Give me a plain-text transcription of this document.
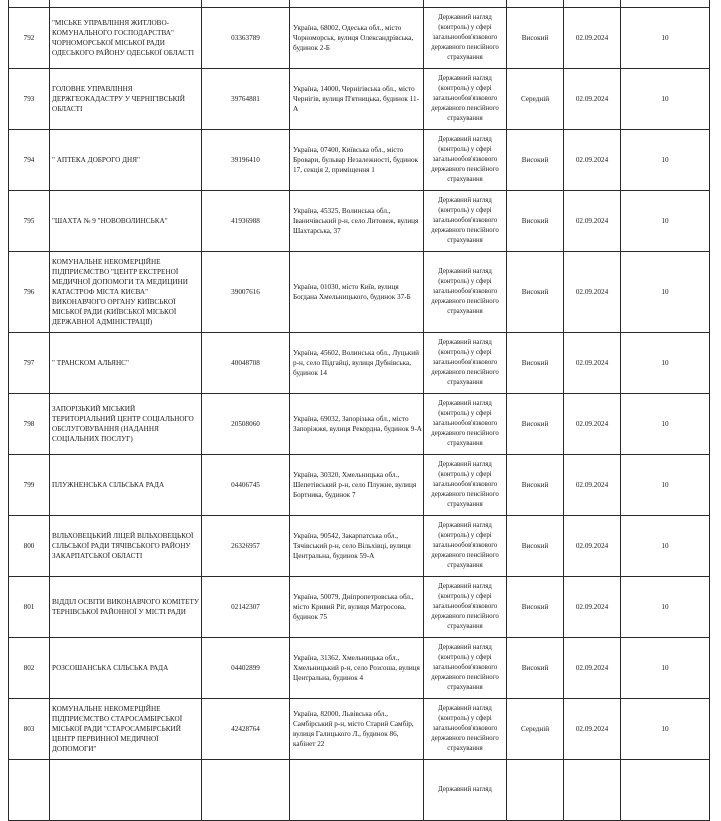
792	"МІСЬКЕ УПРАВЛІННЯ ЖИТЛОВО-КОМУНАЛЬНОГО ГОСПОДАРСТВА" ЧОРНОМОРСЬКОЇ МІСЬКОЇ РАДИ ОДЕСЬКОГО РАЙОНУ ОДЕСЬКОЇ ОБЛАСТІ	03363789	Україна, 68002, Одеська обл., місто Чорноморськ, вулиця Олександрівська, будинок 2-Б	Державний нагляд (контроль) у сфері загальнообов'язкового державного пенсійного страхування	Високий	02.09.2024	10
793	ГОЛОВНЕ УПРАВЛІННЯ ДЕРЖГЕОКАДАСТРУ У ЧЕРНІГІВСЬКІЙ ОБЛАСТІ	39764881	Україна, 14000, Чернігівська обл., місто Чернігів, вулиця П'ятницька, будинок 11-А	Державний нагляд (контроль) у сфері загальнообов'язкового державного пенсійного страхування	Середній	02.09.2024	10
794	" АПТЕКА ДОБРОГО ДНЯ"	39196410	Україна, 07400, Київська обл., місто Бровари, бульвар Незалежності, будинок 17, секція 2, приміщення 1	Державний нагляд (контроль) у сфері загальнообов'язкового державного пенсійного страхування	Високий	02.09.2024	10
795	"ШАХТА № 9 "НОВОВОЛИНСЬКА"	41936988	Україна, 45325, Волинська обл., Іваничівський р-н, село Литовеж, вулиця Шахтарська, 37	Державний нагляд (контроль) у сфері загальнообов'язкового державного пенсійного страхування	Високий	02.09.2024	10
796	КОМУНАЛЬНЕ НЕКОМЕРЦІЙНЕ ПІДПРИЄМСТВО "ЦЕНТР ЕКСТРЕНОЇ МЕДИЧНОЇ ДОПОМОГИ ТА МЕДИЦИНИ КАТАСТРОФ МІСТА КИЄВА" ВИКОНАВЧОГО ОРГАНУ КИЇВСЬКОЇ МІСЬКОЇ РАДИ (КИЇВСЬКОЇ МІСЬКОЇ ДЕРЖАВНОЇ АДМІНІСТРАЦІЇ)	39007616	Україна, 01030, місто Київ, вулиця Богдана Хмельницького, будинок 37-Б	Державний нагляд (контроль) у сфері загальнообов'язкового державного пенсійного страхування	Високий	02.09.2024	10
797	" ТРАНСКОМ АЛЬЯНС"	40048708	Україна, 45602, Волинська обл., Луцький р-н, село Підгайці, вулиця Дубнівська, будинок 14	Державний нагляд (контроль) у сфері загальнообов'язкового державного пенсійного страхування	Високий	02.09.2024	10
798	ЗАПОРІЗЬКИЙ МІСЬКИЙ ТЕРИТОРІАЛЬНИЙ ЦЕНТР СОЦІАЛЬНОГО ОБСЛУГОВУВАННЯ (НАДАННЯ СОЦІАЛЬНИХ ПОСЛУГ)	20508060	Україна, 69032, Запорізька обл., місто Запоріжжя, вулиця Рекордна, будинок 9-А	Державний нагляд (контроль) у сфері загальнообов'язкового державного пенсійного страхування	Високий	02.09.2024	10
799	ПЛУЖНЕНСЬКА СІЛЬСЬКА РАДА	04406745	Україна, 30320, Хмельницька обл., Шепетівський р-н, село Плужне, вулиця Бортника, будинок 7	Державний нагляд (контроль) у сфері загальнообов'язкового державного пенсійного страхування	Високий	02.09.2024	10
800	ВІЛЬХОВЕЦЬКИЙ ЛІЦЕЙ ВІЛЬХОВЕЦЬКОЇ СІЛЬСЬКОЇ РАДИ ТЯЧІВСЬКОГО РАЙОНУ ЗАКАРПАТСЬКОЇ ОБЛАСТІ	26326957	Україна, 90542, Закарпатська обл., Тячівський р-н, село Вільхівці, вулиця Центральна, будинок 59-А	Державний нагляд (контроль) у сфері загальнообов'язкового державного пенсійного страхування	Високий	02.09.2024	10
801	ВІДДІЛ ОСВІТИ ВИКОНАВЧОГО КОМІТЕТУ ТЕРНІВСЬКОЇ РАЙОННОЇ У МІСТІ РАДИ	02142307	Україна, 50079, Дніпропетровська обл., місто Кривий Ріг, вулиця Матросова, будинок 75	Державний нагляд (контроль) у сфері загальнообов'язкового державного пенсійного страхування	Високий	02.09.2024	10
802	РОЗСОШАНСЬКА СІЛЬСЬКА РАДА	04402899	Україна, 31362, Хмельницька обл., Хмельницький р-н, село Розсоша, вулиця Центральна, будинок 4	Державний нагляд (контроль) у сфері загальнообов'язкового державного пенсійного страхування	Високий	02.09.2024	10
803	КОМУНАЛЬНЕ НЕКОМЕРЦІЙНЕ ПІДПРИЄМСТВО СТАРОСАМБІРСЬКОЇ МІСЬКОЇ РАДИ "СТАРОСАМБІРСЬКИЙ ЦЕНТР ПЕРВИННОЇ МЕДИЧНОЇ ДОПОМОГИ"	42428764	Україна, 82000, Львівська обл., Самбірський р-н, місто Старий Самбір, вулиця Галицького Л., будинок 86, кабінет 22	Державний нагляд (контроль) у сфері загальнообов'язкового державного пенсійного страхування	Середній	02.09.2024	10
				Державний нагляд			
